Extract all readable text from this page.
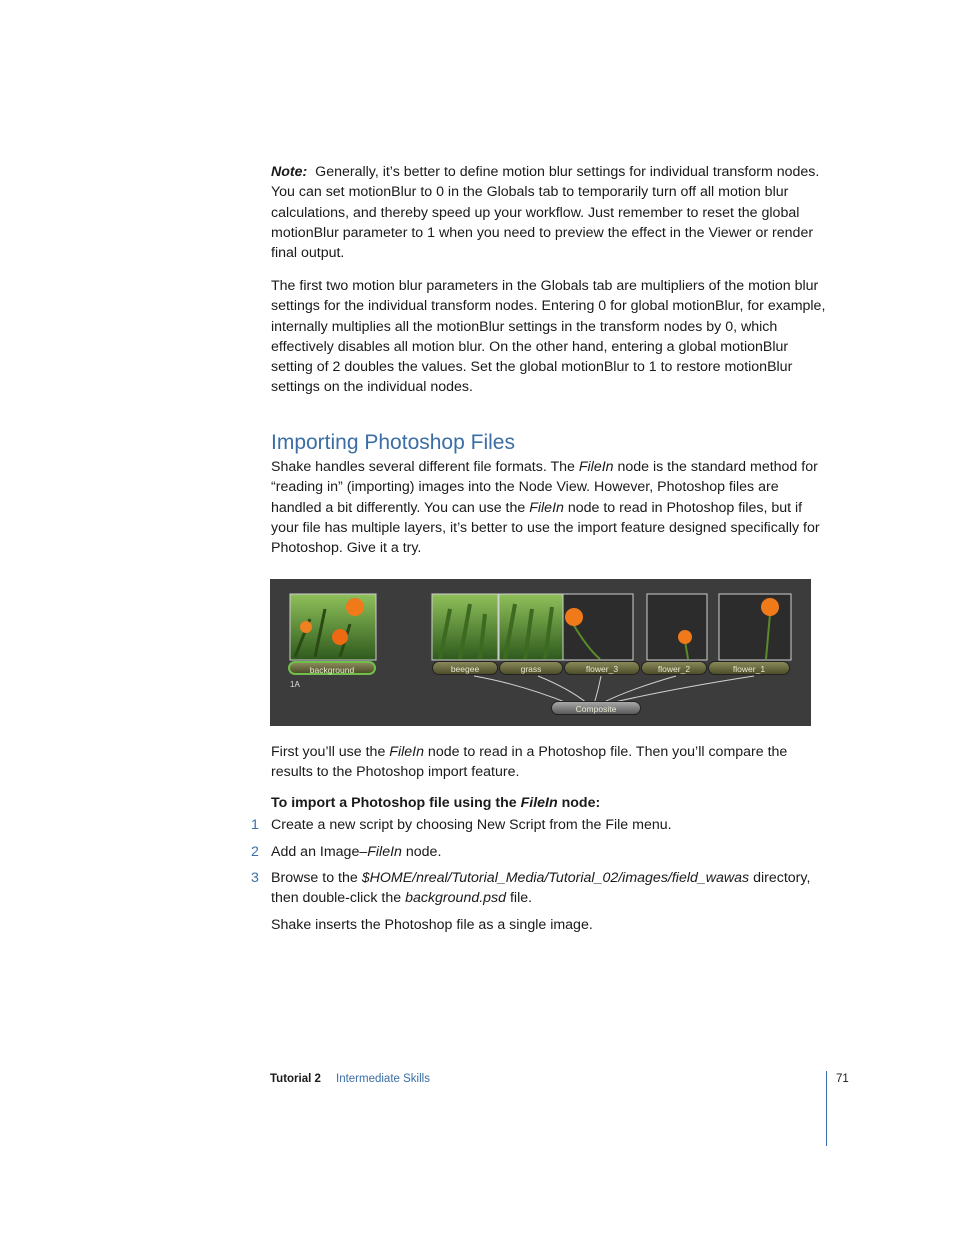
Note: Generally, it’s better to define motion blur settings for individual transform nodes. You can set motionBlur to 0 in the Globals tab to temporarily turn off all motion blur calculations, and thereby speed up your workflow. Just remember to reset the global motionBlur parameter to 1 when you need to preview the effect in the Viewer or render final output.

The first two motion blur parameters in the Globals tab are multipliers of the motion blur settings for the individual transform nodes. Entering 0 for global motionBlur, for example, internally multiplies all the motionBlur settings in the transform nodes by 0, which effectively disables all motion blur. On the other hand, entering a global motionBlur setting of 2 doubles the values. Set the global motionBlur to 1 to restore motionBlur settings on the individual nodes.

Importing Photoshop Files

Shake handles several different file formats. The FileIn node is the standard method for “reading in” (importing) images into the Node View. However, Photoshop files are handled a bit differently. You can use the FileIn node to read in Photoshop files, but if your file has multiple layers, it’s better to use the import feature designed specifically for Photoshop. Give it a try.

background
1A
beegee	grass	flower_3	flower_2	flower_1
Composite

First you’ll use the FileIn node to read in a Photoshop file. Then you’ll compare the results to the Photoshop import feature.

To import a Photoshop file using the FileIn node:

1 Create a new script by choosing New Script from the File menu.

2 Add an Image–FileIn node.

3 Browse to the $HOME/nreal/Tutorial_Media/Tutorial_02/images/field_wawas directory, then double-click the background.psd file.

Shake inserts the Photoshop file as a single image.

Tutorial 2 Intermediate Skills	71
